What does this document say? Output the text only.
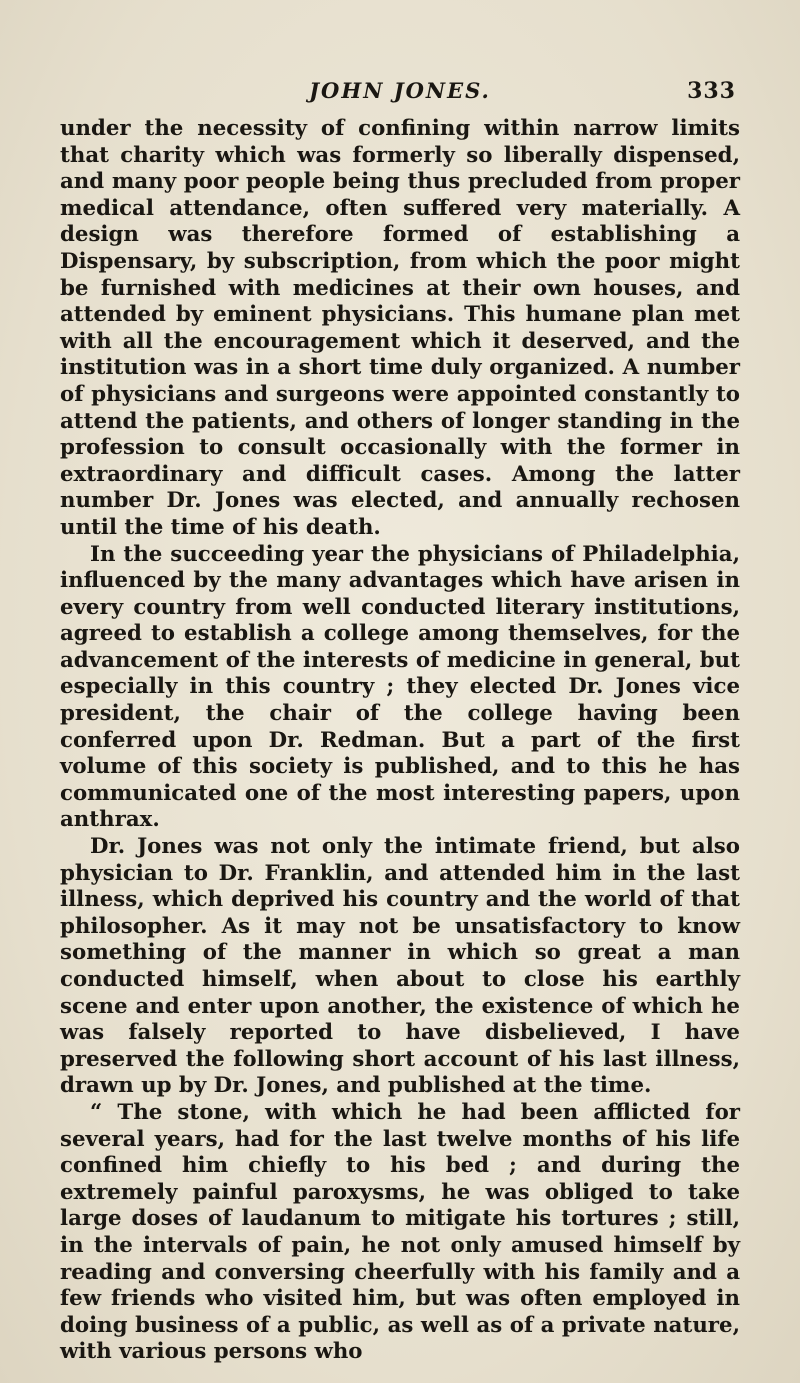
JOHN JONES.	333

under the necessity of confining within narrow limits that charity which was formerly so liberally dispensed, and many poor people being thus precluded from proper medical attendance, often suffered very materially. A design was therefore formed of establishing a Dispensary, by subscription, from which the poor might be furnished with medicines at their own houses, and attended by eminent physicians. This humane plan met with all the encouragement which it deserved, and the institution was in a short time duly organized. A number of physicians and surgeons were appointed constantly to attend the patients, and others of longer standing in the profession to consult occasionally with the former in extraordinary and difficult cases. Among the latter number Dr. Jones was elected, and annually rechosen until the time of his death.

In the succeeding year the physicians of Philadelphia, influenced by the many advantages which have arisen in every country from well conducted literary institutions, agreed to establish a college among themselves, for the advancement of the interests of medicine in general, but especially in this country ; they elected Dr. Jones vice president, the chair of the college having been conferred upon Dr. Redman. But a part of the first volume of this society is published, and to this he has communicated one of the most interesting papers, upon anthrax.

Dr. Jones was not only the intimate friend, but also physician to Dr. Franklin, and attended him in the last illness, which deprived his country and the world of that philosopher. As it may not be unsatisfactory to know something of the manner in which so great a man conducted himself, when about to close his earthly scene and enter upon another, the existence of which he was falsely reported to have disbelieved, I have preserved the following short account of his last illness, drawn up by Dr. Jones, and published at the time.

“ The stone, with which he had been afflicted for several years, had for the last twelve months of his life confined him chiefly to his bed ; and during the extremely painful paroxysms, he was obliged to take large doses of laudanum to mitigate his tortures ; still, in the intervals of pain, he not only amused himself by reading and conversing cheerfully with his family and a few friends who visited him, but was often employed in doing business of a public, as well as of a private nature, with various persons who
